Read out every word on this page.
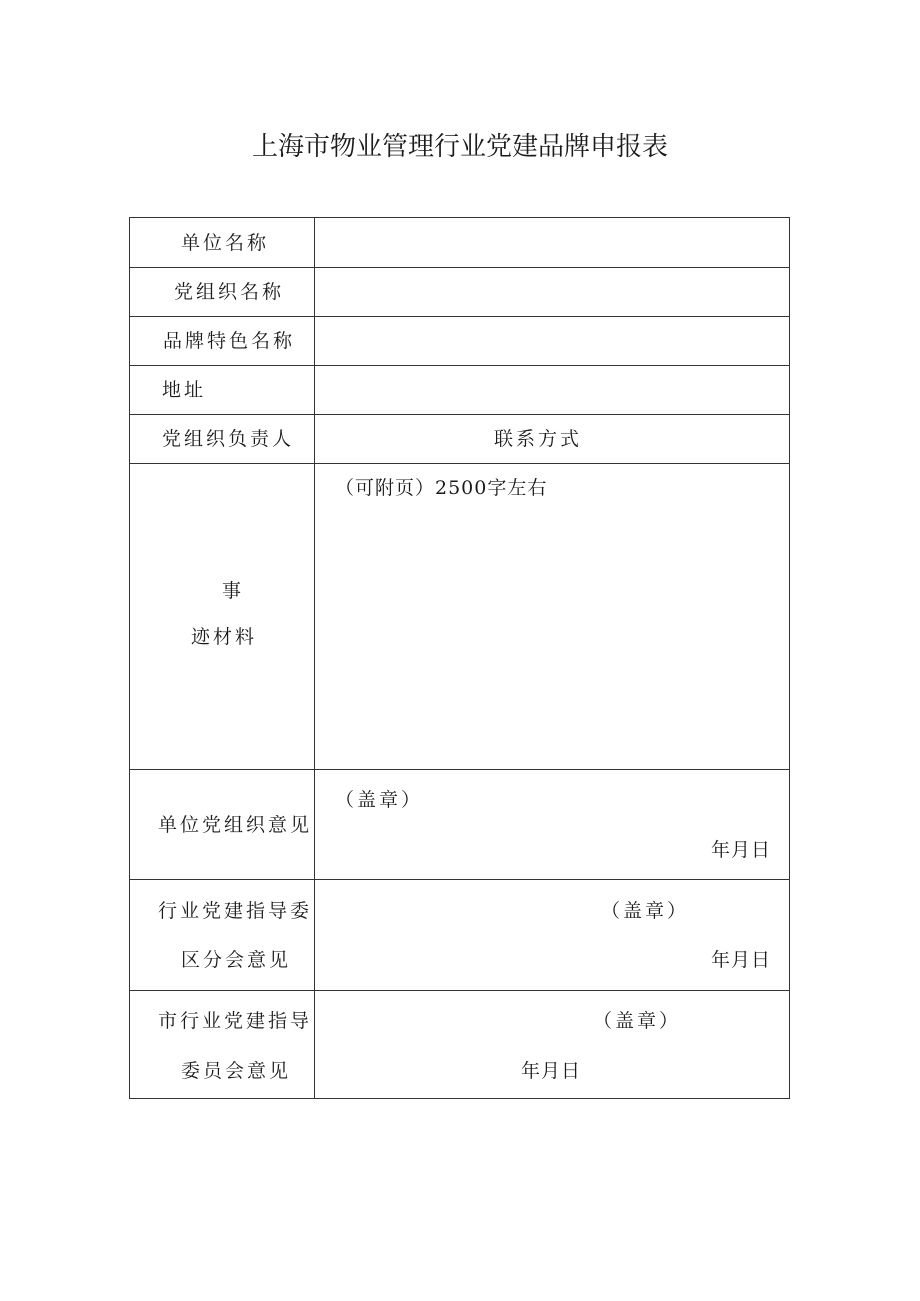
上海市物业管理行业党建品牌申报表
单位名称
党组织名称
品牌特色名称
地址
党组织负责人	联系方式
事
迹材料
（可附页）2500字左右
单位党组织意见
（盖章）
年月日
行业党建指导委
区分会意见
（盖章）
年月日
市行业党建指导
委员会意见
（盖章）
年月日
